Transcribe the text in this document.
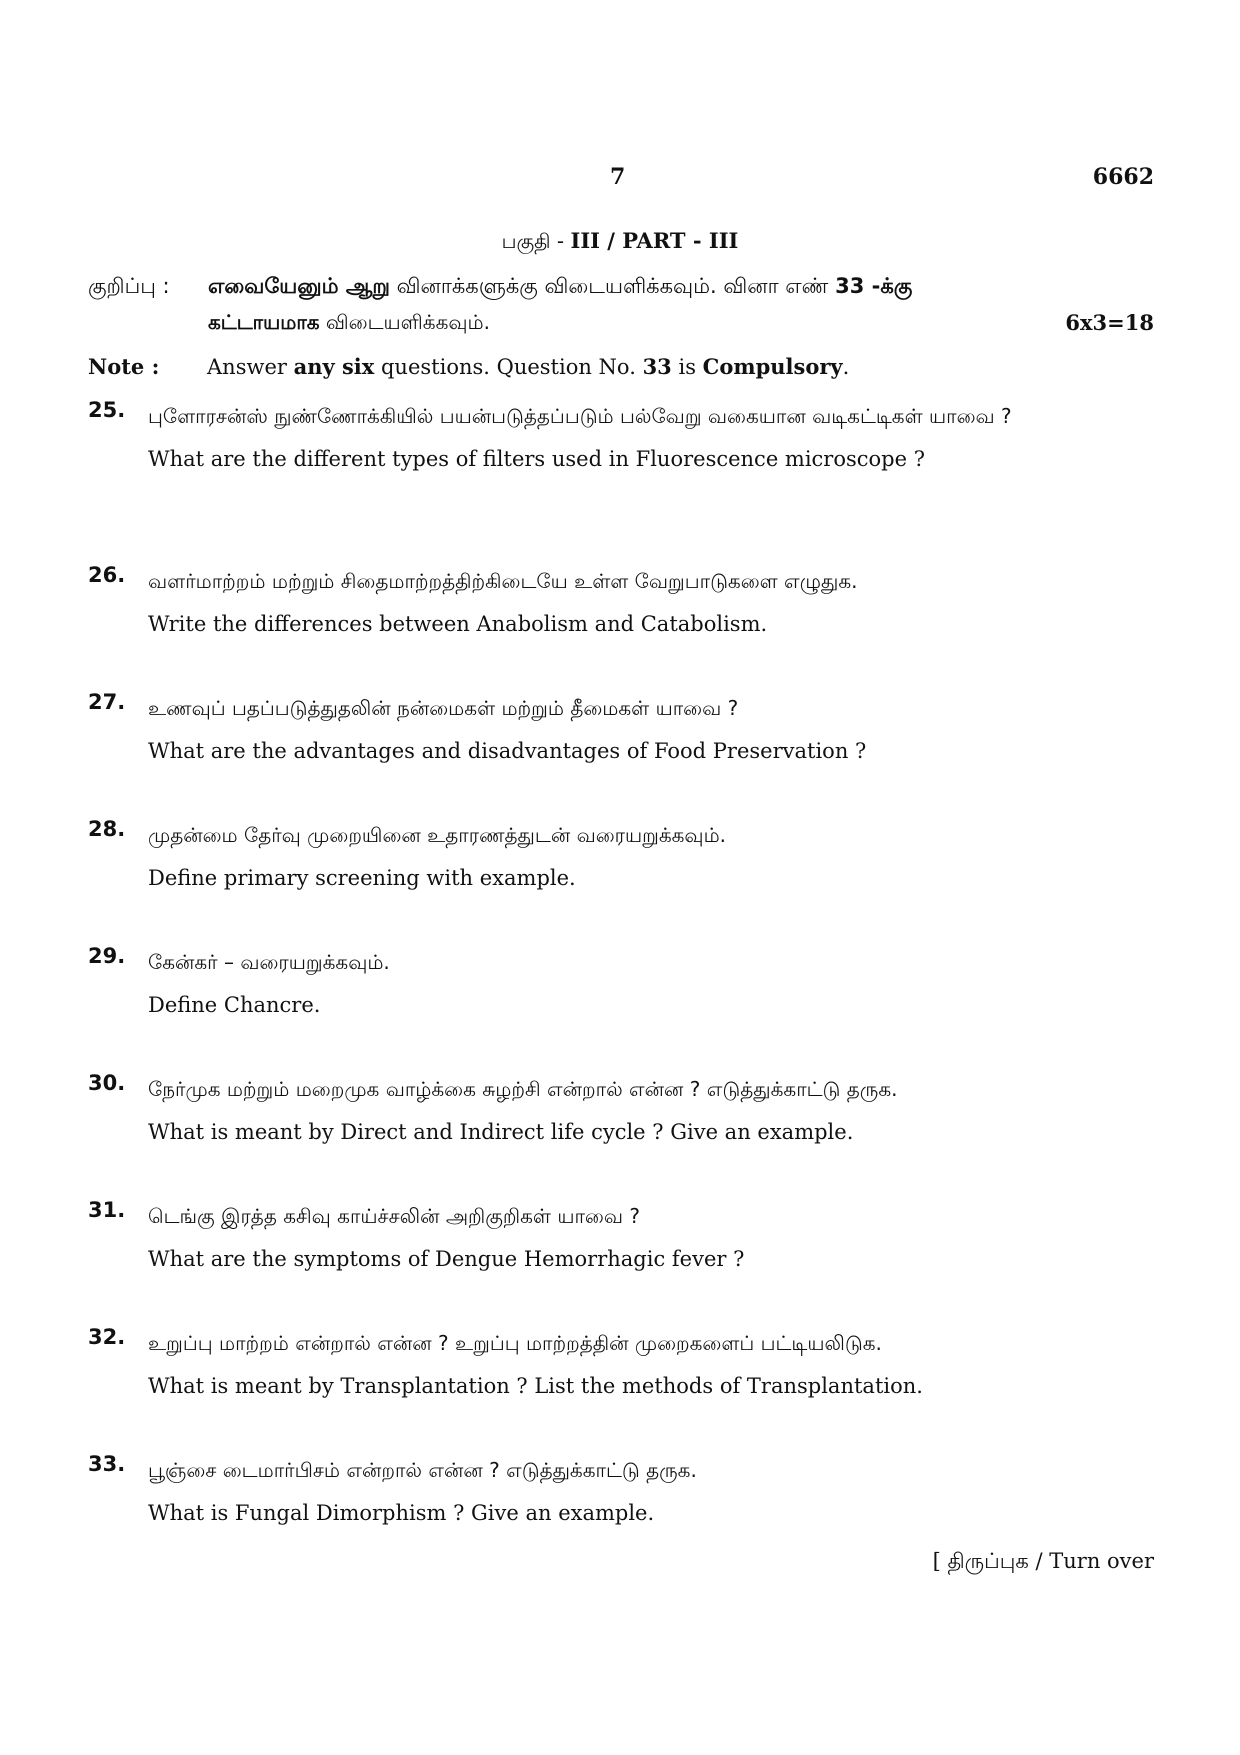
7	6662
பகுதி - III / PART - III
குறிப்பு : எவையேனும் ஆறு வினாக்களுக்கு விடையளிக்கவும். வினா எண் 33 -க்கு
கட்டாயமாக விடையளிக்கவும்.	6x3=18
Note : Answer any six questions. Question No. 33 is Compulsory.
25. புளோரசன்ஸ் நுண்ணோக்கியில் பயன்படுத்தப்படும் பல்வேறு வகையான வடிகட்டிகள் யாவை ?
What are the different types of filters used in Fluorescence microscope ?
26. வளர்மாற்றம் மற்றும் சிதைமாற்றத்திற்கிடையே உள்ள வேறுபாடுகளை எழுதுக.
Write the differences between Anabolism and Catabolism.
27. உணவுப் பதப்படுத்துதலின் நன்மைகள் மற்றும் தீமைகள் யாவை ?
What are the advantages and disadvantages of Food Preservation ?
28. முதன்மை தேர்வு முறையினை உதாரணத்துடன் வரையறுக்கவும்.
Define primary screening with example.
29. கேன்கர் – வரையறுக்கவும்.
Define Chancre.
30. நேர்முக மற்றும் மறைமுக வாழ்க்கை சுழற்சி என்றால் என்ன ? எடுத்துக்காட்டு தருக.
What is meant by Direct and Indirect life cycle ? Give an example.
31. டெங்கு இரத்த கசிவு காய்ச்சலின் அறிகுறிகள் யாவை ?
What are the symptoms of Dengue Hemorrhagic fever ?
32. உறுப்பு மாற்றம் என்றால் என்ன ? உறுப்பு மாற்றத்தின் முறைகளைப் பட்டியலிடுக.
What is meant by Transplantation ? List the methods of Transplantation.
33. பூஞ்சை டைமார்பிசம் என்றால் என்ன ? எடுத்துக்காட்டு தருக.
What is Fungal Dimorphism ? Give an example.
[ திருப்புக / Turn over
